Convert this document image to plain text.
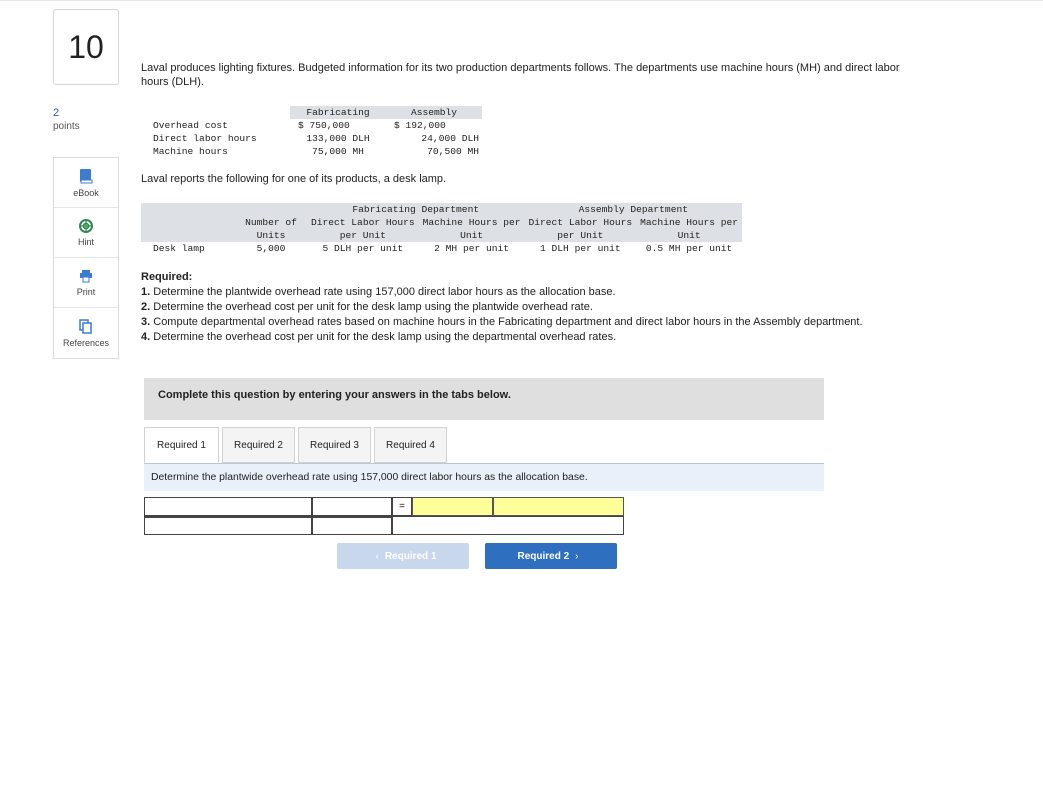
10
2
points
eBook
Hint
Print
References
Laval produces lighting fixtures. Budgeted information for its two production departments follows. The departments use machine hours (MH) and direct labor hours (DLH).
	Fabricating	Assembly
Overhead cost	$ 750,000	$ 192,000
Direct labor hours	133,000 DLH	24,000 DLH
Machine hours	75,000 MH	70,500 MH
Laval reports the following for one of its products, a desk lamp.
		Fabricating Department		Assembly Department	
	Number of	Direct Labor Hours	Machine Hours per	Direct Labor Hours	Machine Hours per
	Units	per Unit	Unit	per Unit	Unit
Desk lamp	5,000	5 DLH per unit	2 MH per unit	1 DLH per unit	0.5 MH per unit
Required:
1. Determine the plantwide overhead rate using 157,000 direct labor hours as the allocation base.
2. Determine the overhead cost per unit for the desk lamp using the plantwide overhead rate.
3. Compute departmental overhead rates based on machine hours in the Fabricating department and direct labor hours in the Assembly department.
4. Determine the overhead cost per unit for the desk lamp using the departmental overhead rates.
Complete this question by entering your answers in the tabs below.
Required 1	Required 2	Required 3	Required 4
Determine the plantwide overhead rate using 157,000 direct labor hours as the allocation base.
=
‹ Required 1	Required 2 ›
